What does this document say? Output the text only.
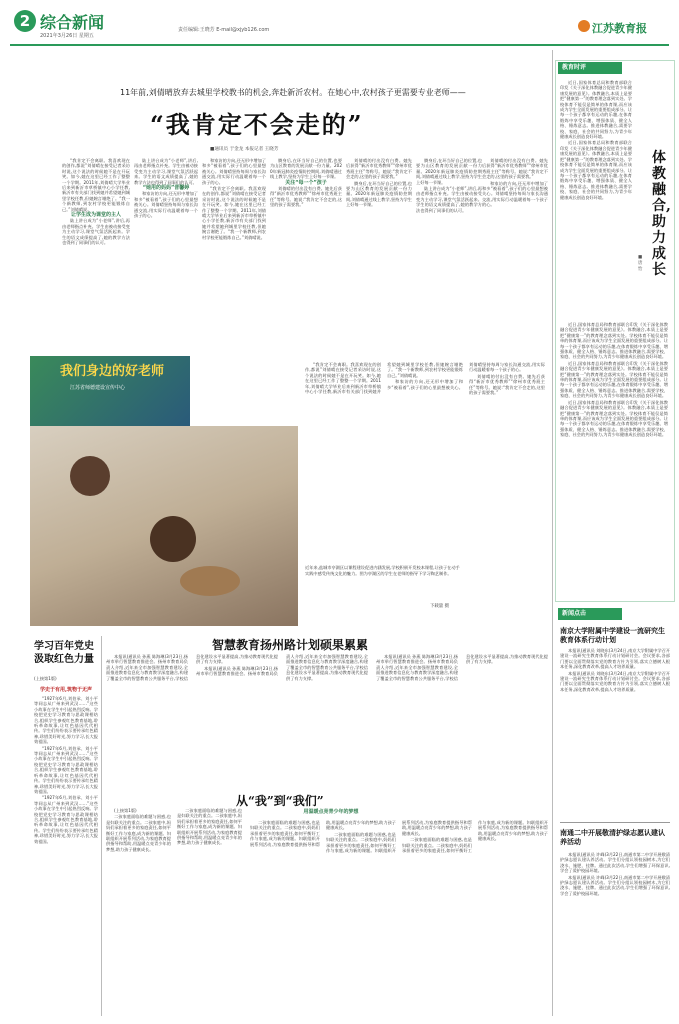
2 综合新闻
2021年3月26日 星期五
责任编辑:王晓芳 E-mail@xjyb126.com	江苏教育报
11年前,刘倩晴放弃去城里学校教书的机会,奔赴新沂农村。在她心中,农村孩子更需要专业老师——
“我肯定不会走的”
■通讯员 于金龙 本报记者 王晓芳

“我肯定不会离职。我喜欢现在的创作,都说”刘倩晴在接受记者采访时说,这个说法的时候她不是在开玩笑。如今,她在这里已经工作了整整一个学期。2011年,刘倩晴大学毕业后来到新沂市草桥镇中心小学任教,新沂市有关部门找到她并希望她到城里学校任教,但她婉言谢绝了。“我一个新教师,到农村学校更能锻炼自己。”刘倩晴说。

让学生成为课堂的主人

陆上讲台成为“小老师”,讲后,再由老师指点补充。学生由被动接受变为主动学习,课堂气氛活跃起来。学生的语文成绩提高了,她的教学方法也得到了同事们的认可。

陆上讲台成为“小老师”,讲后,再由老师指点补充。学生由被动接受变为主动学习,课堂气氛活跃起来。学生的语文成绩提高了,她的教学方法也得到了同事们的认可。

“她用的妈妈”晋馨婷

和家访的方向,还无形中增加了和多“被看着”,孩子们的心里最想被关心。刘倩晴坚持每周与家长沟通交流,用实际行动温暖着每一个孩子的心。

和家访的方向,还无形中增加了和多“被看着”,孩子们的心里最想被关心。刘倩晴坚持每周与家长沟通交流,用实际行动温暖着每一个孩子的心。

“我肯定不会离职。我喜欢现在的创作,都说”刘倩晴在接受记者采访时说,这个说法的时候她不是在开玩笑。如今,她在这里已经工作了整整一个学期。2011年,刘倩晴大学毕业后来到新沂市草桥镇中心小学任教,新沂市有关部门找到她并希望她到城里学校任教,但她婉言谢绝了。“我一个新教师,到农村学校更能锻炼自己。”刘倩晴说。

腾身后,在环当好自己的位置,也要为山区教育的发展贡献一份力量。2020年新冠肺炎疫情防控期间,刘倩晴通过线上教学,坚持为学生上好每一节课。

关注“每一个”孩子

刘倩晴的付出没有白费。她先后获得“新沂市优秀教师”“徐州市优秀班主任”等称号。她说:“我肯定不会走的,这里的孩子需要我。”

刘倩晴的付出没有白费。她先后获得“新沂市优秀教师”“徐州市优秀班主任”等称号。她说:“我肯定不会走的,这里的孩子需要我。”

腾身后,在环当好自己的位置,也要为山区教育的发展贡献一份力量。2020年新冠肺炎疫情防控期间,刘倩晴通过线上教学,坚持为学生上好每一节课。

腾身后,在环当好自己的位置,也要为山区教育的发展贡献一份力量。2020年新冠肺炎疫情防控期间,刘倩晴通过线上教学,坚持为学生上好每一节课。

陆上讲台成为“小老师”,讲后,再由老师指点补充。学生由被动接受变为主动学习,课堂气氛活跃起来。学生的语文成绩提高了,她的教学方法也得到了同事们的认可。

刘倩晴的付出没有白费。她先后获得“新沂市优秀教师”“徐州市优秀班主任”等称号。她说:“我肯定不会走的,这里的孩子需要我。”

和家访的方向,还无形中增加了和多“被看着”,孩子们的心里最想被关心。刘倩晴坚持每周与家长沟通交流,用实际行动温暖着每一个孩子的心。

“我肯定不会离职。我喜欢现在的创作,都说”刘倩晴在接受记者采访时说,这个说法的时候她不是在开玩笑。如今,她在这里已经工作了整整一个学期。2011年,刘倩晴大学毕业后来到新沂市草桥镇中心小学任教,新沂市有关部门找到她并希望她到城里学校任教,但她婉言谢绝了。“我一个新教师,到农村学校更能锻炼自己。”刘倩晴说。

和家访的方向,还无形中增加了和多“被看着”,孩子们的心里最想被关心。刘倩晴坚持每周与家长沟通交流,用实际行动温暖着每一个孩子的心。

刘倩晴的付出没有白费。她先后获得“新沂市优秀教师”“徐州市优秀班主任”等称号。她说:“我肯定不会走的,这里的孩子需要我。”

我们身边的好老师
江苏省师德建设宣传中心
近年来,盐城市亭湖区以课程建设促进内涵发展,学校积极开发校本课程,让孩子在动手实践中感受传统文化的魅力。图为亭湖区的学生在老师的指导下学习陶艺制作。
下载量 摄
教育时评
体教融合,助力成长
■唐怡

近日,国家体育总局和教育部联合印发《关于深化体教融合促进青少年健康发展的意见》。体教融合,本质上是要把“健康第一”的教育理念落到实处。学校体育不能仅是简单的体育课,而应该成为学生全面发展的重要组成部分。让每一个孩子都享有运动的乐趣,在体育锻炼中享受乐趣、增强体质、健全人格、锤炼意志。推进体教融合,需要学校、家庭、社会的共同努力,为青少年健康成长创造良好环境。

近日,国家体育总局和教育部联合印发《关于深化体教融合促进青少年健康发展的意见》。体教融合,本质上是要把“健康第一”的教育理念落到实处。学校体育不能仅是简单的体育课,而应该成为学生全面发展的重要组成部分。让每一个孩子都享有运动的乐趣,在体育锻炼中享受乐趣、增强体质、健全人格、锤炼意志。推进体教融合,需要学校、家庭、社会的共同努力,为青少年健康成长创造良好环境。

近日,国家体育总局和教育部联合印发《关于深化体教融合促进青少年健康发展的意见》。体教融合,本质上是要把“健康第一”的教育理念落到实处。学校体育不能仅是简单的体育课,而应该成为学生全面发展的重要组成部分。让每一个孩子都享有运动的乐趣,在体育锻炼中享受乐趣、增强体质、健全人格、锤炼意志。推进体教融合,需要学校、家庭、社会的共同努力,为青少年健康成长创造良好环境。

近日,国家体育总局和教育部联合印发《关于深化体教融合促进青少年健康发展的意见》。体教融合,本质上是要把“健康第一”的教育理念落到实处。学校体育不能仅是简单的体育课,而应该成为学生全面发展的重要组成部分。让每一个孩子都享有运动的乐趣,在体育锻炼中享受乐趣、增强体质、健全人格、锤炼意志。推进体教融合,需要学校、家庭、社会的共同努力,为青少年健康成长创造良好环境。

近日,国家体育总局和教育部联合印发《关于深化体教融合促进青少年健康发展的意见》。体教融合,本质上是要把“健康第一”的教育理念落到实处。学校体育不能仅是简单的体育课,而应该成为学生全面发展的重要组成部分。让每一个孩子都享有运动的乐趣,在体育锻炼中享受乐趣、增强体质、健全人格、锤炼意志。推进体教融合,需要学校、家庭、社会的共同努力,为青少年健康成长创造良好环境。

新闻点击
南京大学附属中学建设一流研究生教育体系行动计划

本报讯(通讯员 刘晓东)3月24日,南京大学附属中学召开建设一流研究生教育体系行动计划研讨会。会议要求,各部门要以全面贯彻落实党的教育方针为引领,落实立德树人根本任务,深化教育改革,提高人才培养质量。

本报讯(通讯员 刘晓东)3月24日,南京大学附属中学召开建设一流研究生教育体系行动计划研讨会。会议要求,各部门要以全面贯彻落实党的教育方针为引领,落实立德树人根本任务,深化教育改革,提高人才培养质量。

南通二中开展敬清护绿志愿认建认养活动

本报讯(通讯员 许峰)3月22日,南通市第二中学开展敬清护绿志愿认建认养活动。学生们分组认领校园树木,为它们浇水、施肥、挂牌。通过此次活动,学生们增强了环保意识,学会了爱护校园环境。

本报讯(通讯员 许峰)3月22日,南通市第二中学开展敬清护绿志愿认建认养活动。学生们分组认领校园树木,为它们浇水、施肥、挂牌。通过此次活动,学生们增强了环保意识,学会了爱护校园环境。

智慧教育扬州路计划硕果累累

本报讯(通讯员 孙燕 陈海琳)3月23日,扬州市举行智慧教育推进会。扬州市教育局负责人介绍,近年来全市加强智慧教育建设,全面推进教育信息化与教育教学深度融合,构建了覆盖全市的智慧教育公共服务平台,学校信息化建设水平显著提高,为推动教育现代化提供了有力支撑。

本报讯(通讯员 孙燕 陈海琳)3月23日,扬州市举行智慧教育推进会。扬州市教育局负责人介绍,近年来全市加强智慧教育建设,全面推进教育信息化与教育教学深度融合,构建了覆盖全市的智慧教育公共服务平台,学校信息化建设水平显著提高,为推动教育现代化提供了有力支撑。

本报讯(通讯员 孙燕 陈海琳)3月23日,扬州市举行智慧教育推进会。扬州市教育局负责人介绍,近年来全市加强智慧教育建设,全面推进教育信息化与教育教学深度融合,构建了覆盖全市的智慧教育公共服务平台,学校信息化建设水平显著提高,为推动教育现代化提供了有力支撑。

学习百年党史 汲取红色力量
(上接第1版)
学史于有用,筑物于无声

“1927年6月,刘伯承、刘小平等同志从广州来到武汉……”这些小故事在学生中引起热烈反响。学校把党史学习教育与思政课相结合,组织学生参观红色教育基地,聆听革命故事,让红色基因代代相传。学生们纷纷表示要传承红色精神,珍惜美好时光,努力学习,长大报效祖国。

“1927年6月,刘伯承、刘小平等同志从广州来到武汉……”这些小故事在学生中引起热烈反响。学校把党史学习教育与思政课相结合,组织学生参观红色教育基地,聆听革命故事,让红色基因代代相传。学生们纷纷表示要传承红色精神,珍惜美好时光,努力学习,长大报效祖国。

“1927年6月,刘伯承、刘小平等同志从广州来到武汉……”这些小故事在学生中引起热烈反响。学校把党史学习教育与思政课相结合,组织学生参观红色教育基地,聆听革命故事,让红色基因代代相传。学生们纷纷表示要传承红色精神,珍惜美好时光,努力学习,长大报效祖国。

从“我”到“我们”

(上接第1版)

二孩家庭面临的难题与困惑,也是妇联关注的重点。二孩家庭中,妈妈们承担着更多的家庭责任,如何平衡好工作与家庭,成为新的课题。妇联组织开展系列活动,为家庭教育提供指导和帮助,用温暖点亮青少年的梦想,助力孩子健康成长。

二孩家庭面临的难题与困惑,也是妇联关注的重点。二孩家庭中,妈妈们承担着更多的家庭责任,如何平衡好工作与家庭,成为新的课题。妇联组织开展系列活动,为家庭教育提供指导和帮助,用温暖点亮青少年的梦想,助力孩子健康成长。

用温暖点亮青少年的梦想

二孩家庭面临的难题与困惑,也是妇联关注的重点。二孩家庭中,妈妈们承担着更多的家庭责任,如何平衡好工作与家庭,成为新的课题。妇联组织开展系列活动,为家庭教育提供指导和帮助,用温暖点亮青少年的梦想,助力孩子健康成长。

二孩家庭面临的难题与困惑,也是妇联关注的重点。二孩家庭中,妈妈们承担着更多的家庭责任,如何平衡好工作与家庭,成为新的课题。妇联组织开展系列活动,为家庭教育提供指导和帮助,用温暖点亮青少年的梦想,助力孩子健康成长。

二孩家庭面临的难题与困惑,也是妇联关注的重点。二孩家庭中,妈妈们承担着更多的家庭责任,如何平衡好工作与家庭,成为新的课题。妇联组织开展系列活动,为家庭教育提供指导和帮助,用温暖点亮青少年的梦想,助力孩子健康成长。
